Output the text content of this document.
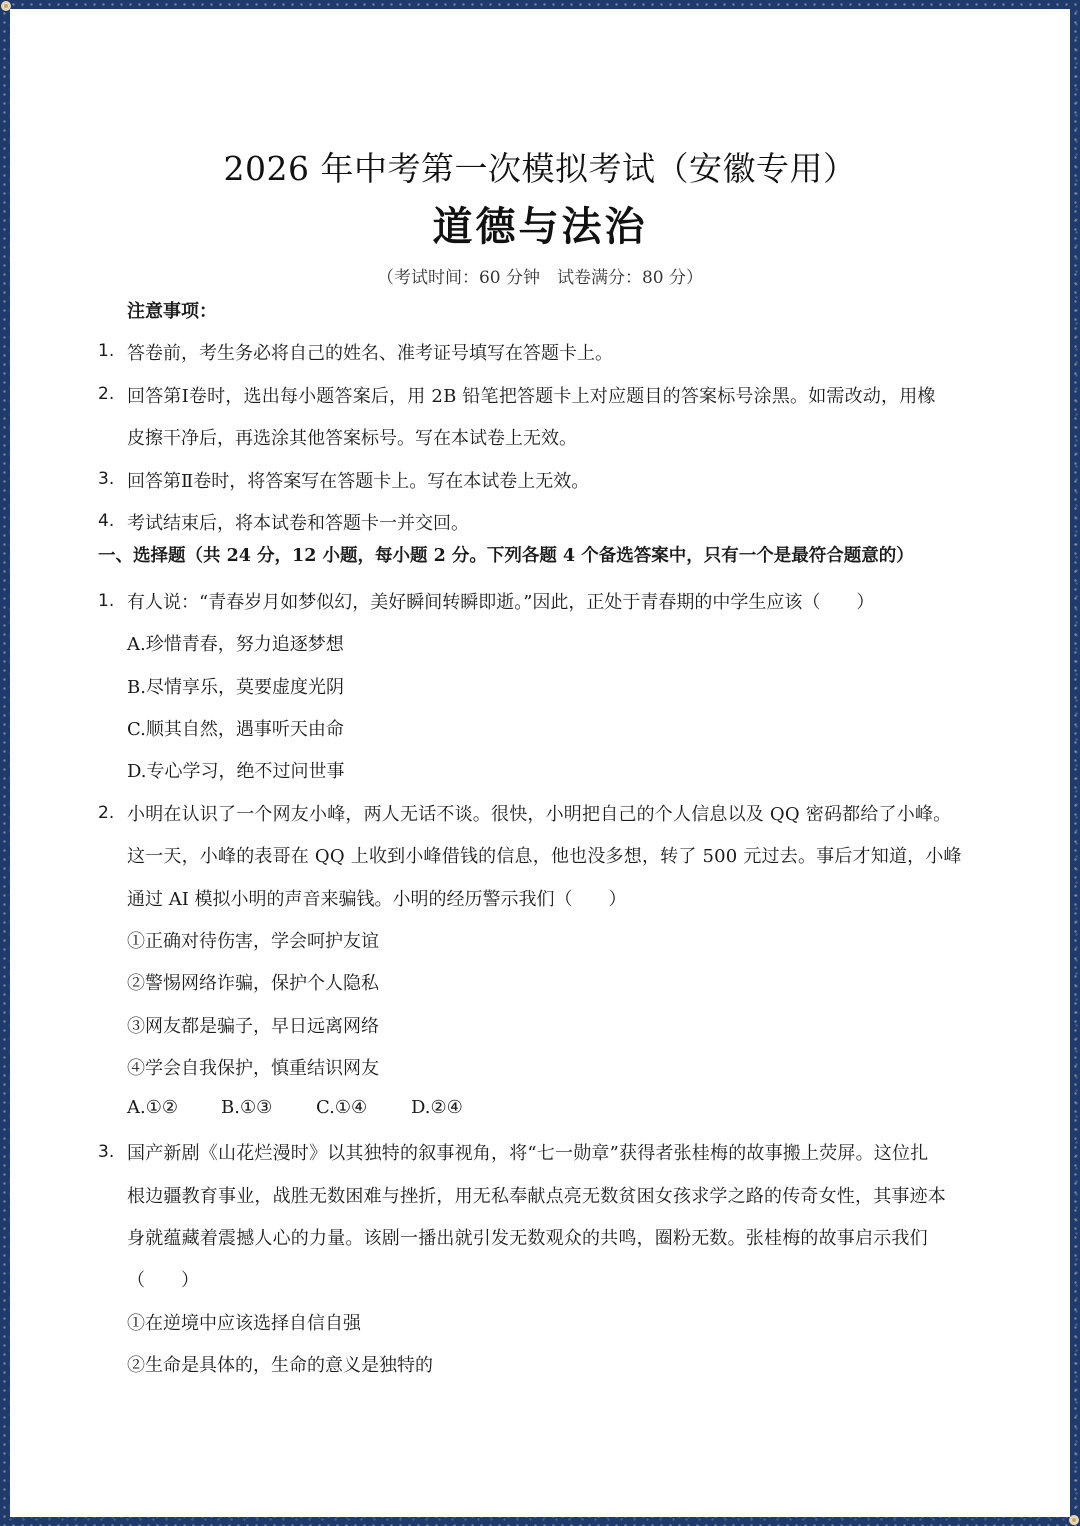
2026 年中考第一次模拟考试（安徽专用）
道德与法治
（考试时间：60 分钟　试卷满分：80 分）
注意事项：
1. 答卷前，考生务必将自己的姓名、准考证号填写在答题卡上。
2. 回答第Ⅰ卷时，选出每小题答案后，用 2B 铅笔把答题卡上对应题目的答案标号涂黑。如需改动，用橡
皮擦干净后，再选涂其他答案标号。写在本试卷上无效。
3. 回答第Ⅱ卷时，将答案写在答题卡上。写在本试卷上无效。
4. 考试结束后，将本试卷和答题卡一并交回。
一、选择题（共 24 分，12 小题，每小题 2 分。下列各题 4 个备选答案中，只有一个是最符合题意的）
1. 有人说：“青春岁月如梦似幻，美好瞬间转瞬即逝。”因此，正处于青春期的中学生应该（　　）
A.珍惜青春，努力追逐梦想
B.尽情享乐，莫要虚度光阴
C.顺其自然，遇事听天由命
D.专心学习，绝不过问世事
2. 小明在认识了一个网友小峰，两人无话不谈。很快，小明把自己的个人信息以及 QQ 密码都给了小峰。
这一天，小峰的表哥在 QQ 上收到小峰借钱的信息，他也没多想，转了 500 元过去。事后才知道，小峰
通过 AI 模拟小明的声音来骗钱。小明的经历警示我们（　　）
①正确对待伤害，学会呵护友谊
②警惕网络诈骗，保护个人隐私
③网友都是骗子，早日远离网络
④学会自我保护，慎重结识网友
A.①② B.①③ C.①④ D.②④
3. 国产新剧《山花烂漫时》以其独特的叙事视角，将“七一勋章”获得者张桂梅的故事搬上荧屏。这位扎
根边疆教育事业，战胜无数困难与挫折，用无私奉献点亮无数贫困女孩求学之路的传奇女性，其事迹本
身就蕴藏着震撼人心的力量。该剧一播出就引发无数观众的共鸣，圈粉无数。张桂梅的故事启示我们
（　　）
①在逆境中应该选择自信自强
②生命是具体的，生命的意义是独特的
